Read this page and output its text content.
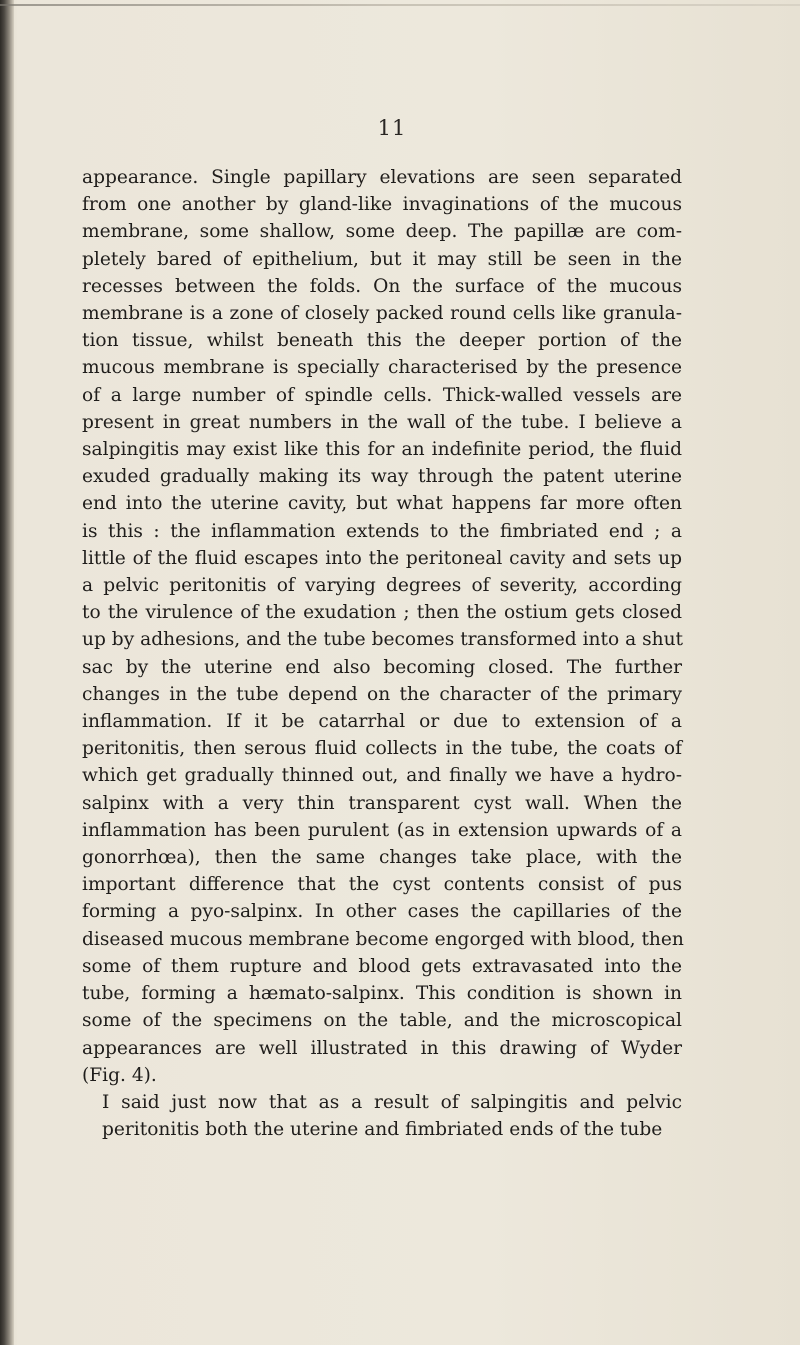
11

appearance. Single papillary elevations are seen separated
from one another by gland-like invaginations of the mucous
membrane, some shallow, some deep. The papillæ are com-
pletely bared of epithelium, but it may still be seen in the
recesses between the folds. On the surface of the mucous
membrane is a zone of closely packed round cells like granula-
tion tissue, whilst beneath this the deeper portion of the
mucous membrane is specially characterised by the presence
of a large number of spindle cells. Thick-walled vessels are
present in great numbers in the wall of the tube. I believe a
salpingitis may exist like this for an indefinite period, the fluid
exuded gradually making its way through the patent uterine
end into the uterine cavity, but what happens far more often
is this : the inflammation extends to the fimbriated end ; a
little of the fluid escapes into the peritoneal cavity and sets up
a pelvic peritonitis of varying degrees of severity, according
to the virulence of the exudation ; then the ostium gets closed
up by adhesions, and the tube becomes transformed into a shut
sac by the uterine end also becoming closed. The further
changes in the tube depend on the character of the primary
inflammation. If it be catarrhal or due to extension of a
peritonitis, then serous fluid collects in the tube, the coats of
which get gradually thinned out, and finally we have a hydro-
salpinx with a very thin transparent cyst wall. When the
inflammation has been purulent (as in extension upwards of a
gonorrhœa), then the same changes take place, with the
important difference that the cyst contents consist of pus
forming a pyo-salpinx. In other cases the capillaries of the
diseased mucous membrane become engorged with blood, then
some of them rupture and blood gets extravasated into the
tube, forming a hæmato-salpinx. This condition is shown in
some of the specimens on the table, and the microscopical
appearances are well illustrated in this drawing of Wyder
(Fig. 4).

I said just now that as a result of salpingitis and pelvic
peritonitis both the uterine and fimbriated ends of the tube
